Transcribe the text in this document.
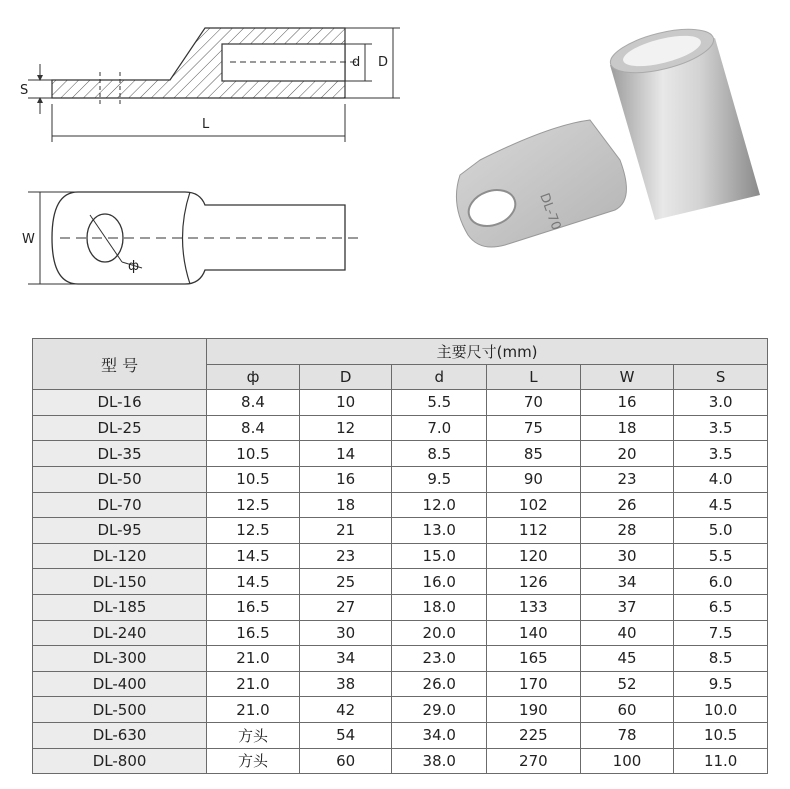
S
d D
L
ф
W
DL-70
型 号	主要尺寸(mm)					
	ф	D	d	L	W	S
DL-16	8.4	10	5.5	70	16	3.0
DL-25	8.4	12	7.0	75	18	3.5
DL-35	10.5	14	8.5	85	20	3.5
DL-50	10.5	16	9.5	90	23	4.0
DL-70	12.5	18	12.0	102	26	4.5
DL-95	12.5	21	13.0	112	28	5.0
DL-120	14.5	23	15.0	120	30	5.5
DL-150	14.5	25	16.0	126	34	6.0
DL-185	16.5	27	18.0	133	37	6.5
DL-240	16.5	30	20.0	140	40	7.5
DL-300	21.0	34	23.0	165	45	8.5
DL-400	21.0	38	26.0	170	52	9.5
DL-500	21.0	42	29.0	190	60	10.0
DL-630	方头	54	34.0	225	78	10.5
DL-800	方头	60	38.0	270	100	11.0
